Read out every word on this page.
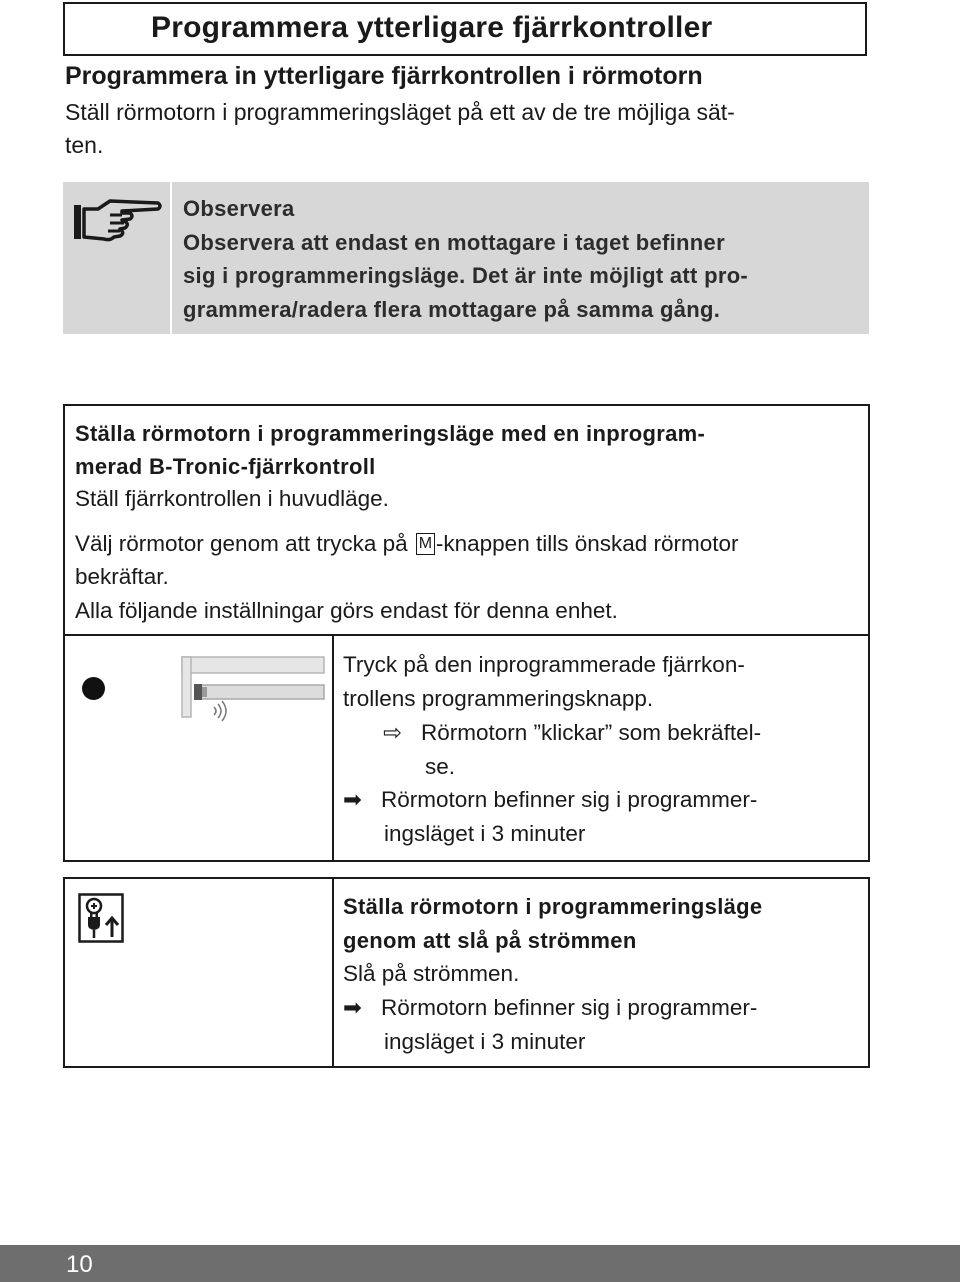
Programmera ytterligare fjärrkontroller
Programmera in ytterligare fjärrkontrollen i rörmotorn
Ställ rörmotorn i programmeringsläget på ett av de tre möjliga sät-
ten.
Observera
Observera att endast en mottagare i taget befinner
sig i programmeringsläge. Det är inte möjligt att pro-
grammera/radera flera mottagare på samma gång.
Ställa rörmotorn i programmeringsläge med en inprogram-
merad B-Tronic-fjärrkontroll
Ställ fjärrkontrollen i huvudläge.
Välj rörmotor genom att trycka på M -knappen tills önskad rörmotor
bekräftar.
Alla följande inställningar görs endast för denna enhet.
Tryck på den inprogrammerade fjärrkon-
trollens programmeringsknapp.
⇨ Rörmotorn ”klickar” som bekräftel-
se.
➡ Rörmotorn befinner sig i programmer-
ingsläget i 3 minuter
Ställa rörmotorn i programmeringsläge
genom att slå på strömmen
Slå på strömmen.
➡ Rörmotorn befinner sig i programmer-
ingsläget i 3 minuter
10
